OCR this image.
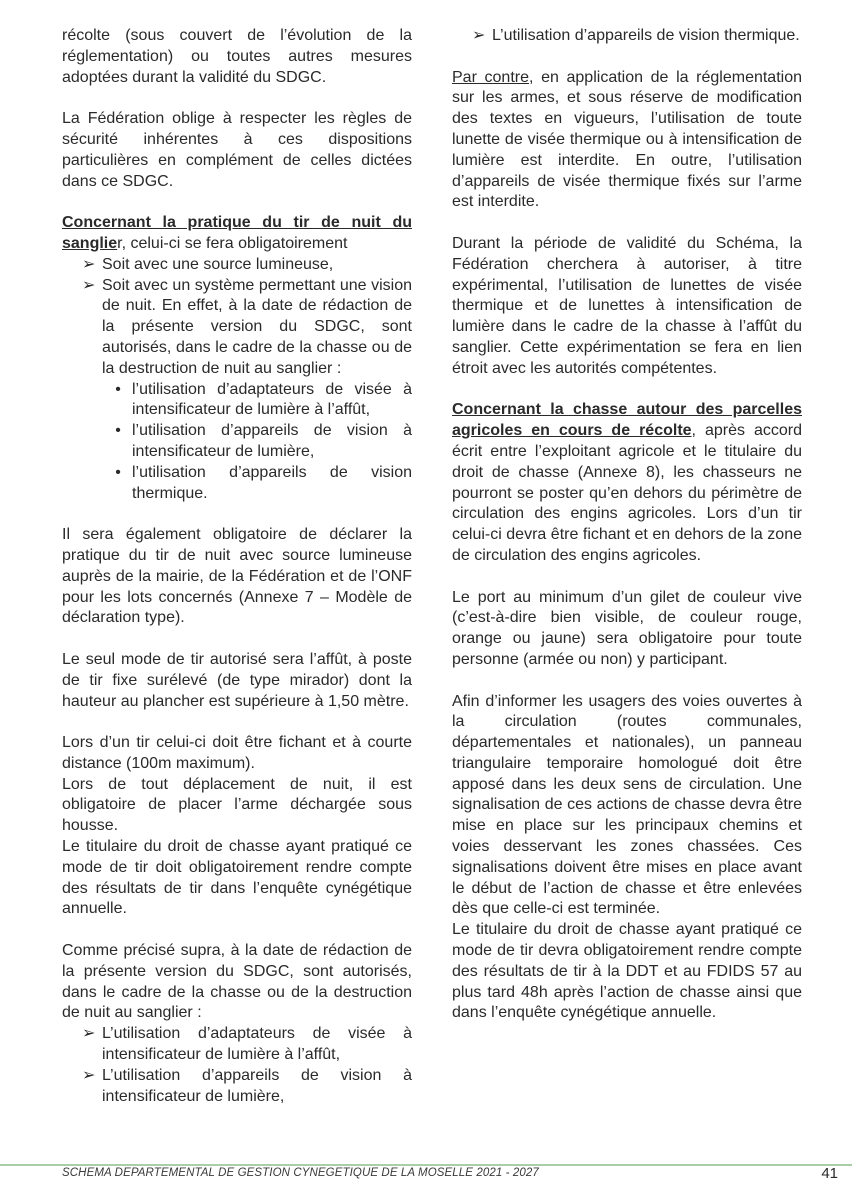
récolte (sous couvert de l’évolution de la réglementation) ou toutes autres mesures adoptées durant la validité du SDGC.

La Fédération oblige à respecter les règles de sécurité inhérentes à ces dispositions particulières en complément de celles dictées dans ce SDGC.

Concernant la pratique du tir de nuit du sanglier, celui-ci se fera obligatoirement

➢ Soit avec une source lumineuse,
➢ Soit avec un système permettant une vision de nuit. En effet, à la date de rédaction de la présente version du SDGC, sont autorisés, dans le cadre de la chasse ou de la destruction de nuit au sanglier :
• l’utilisation d’adaptateurs de visée à intensificateur de lumière à l’affût,
• l’utilisation d’appareils de vision à intensificateur de lumière,
• l’utilisation d’appareils de vision thermique.

Il sera également obligatoire de déclarer la pratique du tir de nuit avec source lumineuse auprès de la mairie, de la Fédération et de l’ONF pour les lots concernés (Annexe 7 – Modèle de déclaration type).

Le seul mode de tir autorisé sera l’affût, à poste de tir fixe surélevé (de type mirador) dont la hauteur au plancher est supérieure à 1,50 mètre.

Lors d’un tir celui-ci doit être fichant et à courte distance (100m maximum).

Lors de tout déplacement de nuit, il est obligatoire de placer l’arme déchargée sous housse.

Le titulaire du droit de chasse ayant pratiqué ce mode de tir doit obligatoirement rendre compte des résultats de tir dans l’enquête cynégétique annuelle.

Comme précisé supra, à la date de rédaction de la présente version du SDGC, sont autorisés, dans le cadre de la chasse ou de la destruction de nuit au sanglier :

➢ L’utilisation d’adaptateurs de visée à intensificateur de lumière à l’affût,
➢ L’utilisation d’appareils de vision à intensificateur de lumière,
➢ L’utilisation d’appareils de vision thermique.

Par contre, en application de la réglementation sur les armes, et sous réserve de modification des textes en vigueurs, l’utilisation de toute lunette de visée thermique ou à intensification de lumière est interdite. En outre, l’utilisation d’appareils de visée thermique fixés sur l’arme est interdite.

Durant la période de validité du Schéma, la Fédération cherchera à autoriser, à titre expérimental, l’utilisation de lunettes de visée thermique et de lunettes à intensification de lumière dans le cadre de la chasse à l’affût du sanglier. Cette expérimentation se fera en lien étroit avec les autorités compétentes.

Concernant la chasse autour des parcelles agricoles en cours de récolte, après accord écrit entre l’exploitant agricole et le titulaire du droit de chasse (Annexe 8), les chasseurs ne pourront se poster qu’en dehors du périmètre de circulation des engins agricoles. Lors d’un tir celui-ci devra être fichant et en dehors de la zone de circulation des engins agricoles.

Le port au minimum d’un gilet de couleur vive (c’est-à-dire bien visible, de couleur rouge, orange ou jaune) sera obligatoire pour toute personne (armée ou non) y participant.

Afin d’informer les usagers des voies ouvertes à la circulation (routes communales, départementales et nationales), un panneau triangulaire temporaire homologué doit être apposé dans les deux sens de circulation. Une signalisation de ces actions de chasse devra être mise en place sur les principaux chemins et voies desservant les zones chassées. Ces signalisations doivent être mises en place avant le début de l’action de chasse et être enlevées dès que celle-ci est terminée.

Le titulaire du droit de chasse ayant pratiqué ce mode de tir devra obligatoirement rendre compte des résultats de tir à la DDT et au FDIDS 57 au plus tard 48h après l’action de chasse ainsi que dans l’enquête cynégétique annuelle.

SCHEMA DEPARTEMENTAL DE GESTION CYNEGETIQUE DE LA MOSELLE 2021 - 2027	41
